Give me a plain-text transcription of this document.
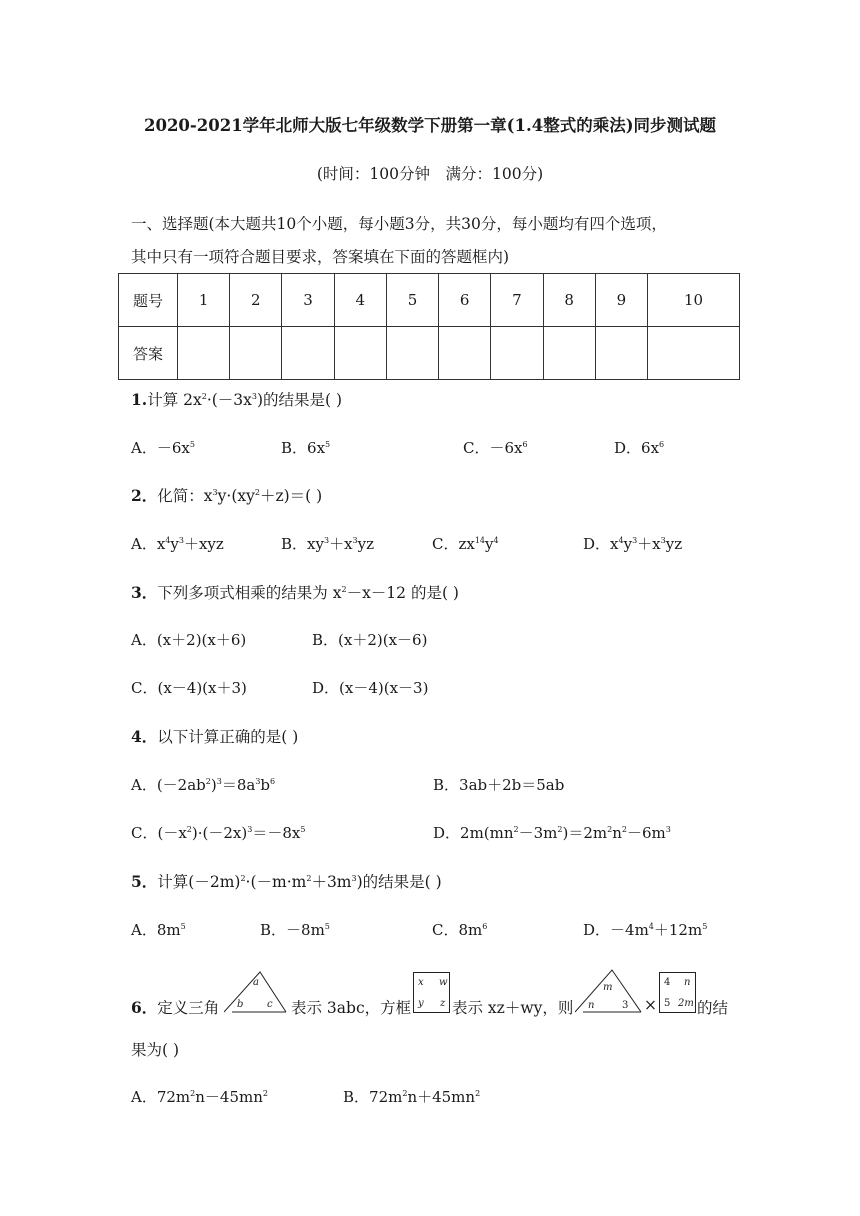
2020-2021学年北师大版七年级数学下册第一章(1.4整式的乘法)同步测试题
(时间：100分钟　满分：100分)
一、选择题(本大题共10个小题，每小题3分，共30分，每小题均有四个选项，
其中只有一项符合题目要求，答案填在下面的答题框内)
题号	1	2	3	4	5	6	7	8	9	10
答案										
1.计算 $2x^2\cdot(-3x^3)$的结果是( )
A．$-6x^5$	B．$6x^5$	C．$-6x^6$	D．$6x^6$
2．化简：$x^3y\cdot(xy^2+z)=$( )
A．$x^4y^3+xyz$	B．$xy^3+x^3yz$	C．$zx^{14}y^4$	D．$x^4y^3+x^3yz$
3．下列多项式相乘的结果为 $x^2-x-12$ 的是( )
A．(x＋2)(x＋6)	B．(x＋2)(x－6)
C．(x－4)(x＋3)	D．(x－4)(x－3)
4．以下计算正确的是( )
A．$(-2ab^2)^3=8a^3b^6$	B．3ab＋2b＝5ab
C．$(-x^2)\cdot(-2x)^3=-8x^5$	D．$2m(mn^2-3m^2)=2m^2n^2-6m^3$
5．计算$(-2m)^2\cdot(-m\cdot m^2+3m^3)$的结果是( )
A．$8m^5$	B．$-8m^5$	C．$8m^6$	D．$-4m^4+12m^5$
6．定义三角
a
b c 表示 3abc，方框
x w
y z 表示 xz＋wy，则
m
n	3 ×
4 n
5 2m 的结
果为( )
A．$72m^2n-45mn^2$	B．$72m^2n+45mn^2$
